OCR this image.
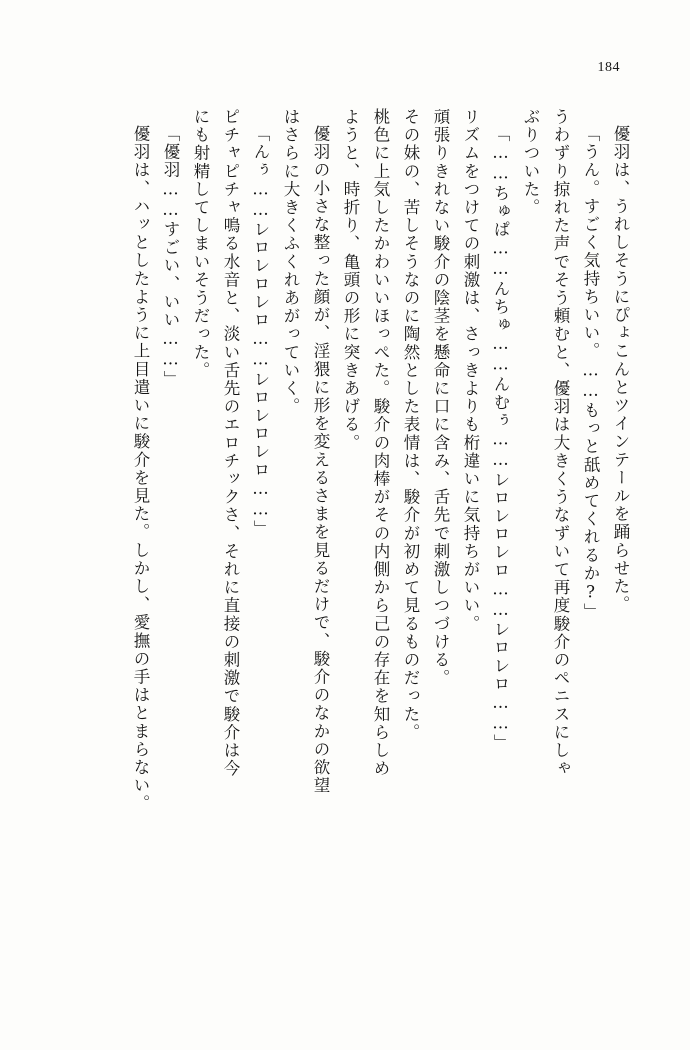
184

優羽は、うれしそうにぴょこんとツインテールを踊らせた。

「うん。すごく気持ちいい。……もっと舐めてくれるか?」

うわずり掠れた声でそう頼むと、優羽は大きくうなずいて再度駿介のペニスにしゃ

ぶりついた。

「……ちゅぱ……んちゅ……んむぅ……レロレロレロ……レロレロ……」

リズムをつけての刺激は、さっきよりも桁違いに気持ちがいい。

頑張りきれない駿介の陰茎を懸命に口に含み、舌先で刺激しつづける。

その妹の、苦しそうなのに陶然とした表情は、駿介が初めて見るものだった。

桃色に上気したかわいいほっぺた。駿介の肉棒がその内側から己の存在を知らしめ

ようと、時折り、亀頭の形に突きあげる。

優羽の小さな整った顔が、淫猥に形を変えるさまを見るだけで、駿介のなかの欲望

はさらに大きくふくれあがっていく。

「んぅ……レロレロレロ……レロレロレロ……」

ピチャピチャ鳴る水音と、淡い舌先のエロチックさ、それに直接の刺激で駿介は今

にも射精してしまいそうだった。

「優羽……すごい、いい……」

優羽は、ハッとしたように上目遣いに駿介を見た。しかし、愛撫の手はとまらない。
